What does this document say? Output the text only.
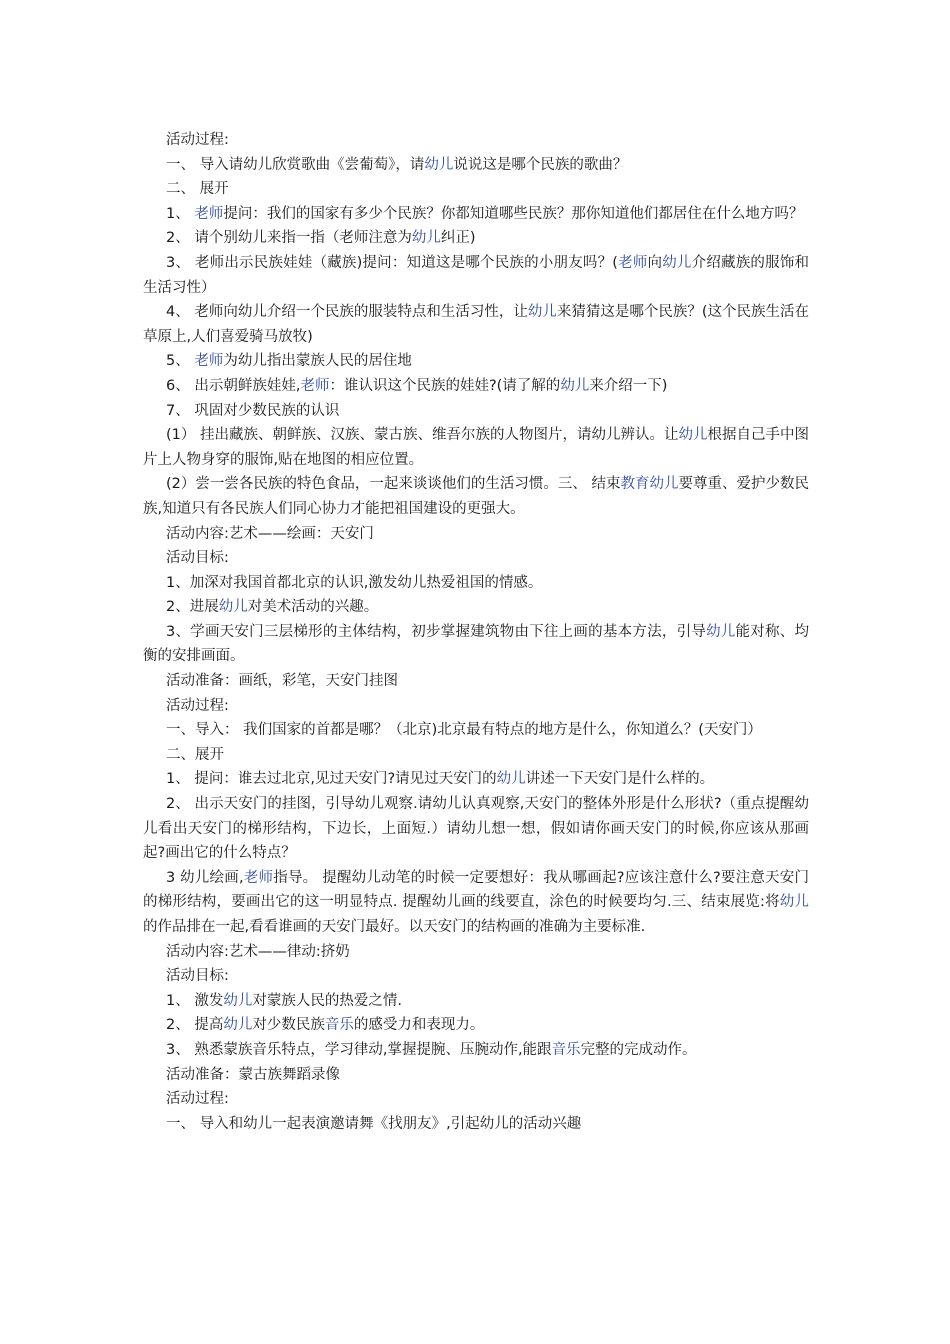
活动过程:

一、 导入请幼儿欣赏歌曲《尝葡萄》，请幼儿说说这是哪个民族的歌曲？

二、 展开

1、 老师提问：我们的国家有多少个民族？你都知道哪些民族？那你知道他们都居住在什么地方吗？

2、 请个别幼儿来指一指（老师注意为幼儿纠正)

3、 老师出示民族娃娃（藏族)提问：知道这是哪个民族的小朋友吗？(老师向幼儿介绍藏族的服饰和生活习性）

4、 老师向幼儿介绍一个民族的服装特点和生活习性，让幼儿来猜猜这是哪个民族？(这个民族生活在草原上,人们喜爱骑马放牧)

5、 老师为幼儿指出蒙族人民的居住地

6、 出示朝鲜族娃娃,老师：谁认识这个民族的娃娃?(请了解的幼儿来介绍一下)

7、 巩固对少数民族的认识

(1） 挂出藏族、朝鲜族、汉族、蒙古族、维吾尔族的人物图片，请幼儿辨认。让幼儿根据自己手中图片上人物身穿的服饰,贴在地图的相应位置。

(2）尝一尝各民族的特色食品，一起来谈谈他们的生活习惯。三、 结束教育幼儿要尊重、爱护少数民族,知道只有各民族人们同心协力才能把祖国建设的更强大。

活动内容:艺术——绘画：天安门

活动目标:

1、加深对我国首都北京的认识,激发幼儿热爱祖国的情感。

2、进展幼儿对美术活动的兴趣。

3、学画天安门三层梯形的主体结构，初步掌握建筑物由下往上画的基本方法，引导幼儿能对称、均衡的安排画面。

活动准备：画纸，彩笔，天安门挂图

活动过程:

一、导入： 我们国家的首都是哪？（北京)北京最有特点的地方是什么，你知道么？(天安门）

二、展开

1、 提问：谁去过北京,见过天安门?请见过天安门的幼儿讲述一下天安门是什么样的。

2、 出示天安门的挂图，引导幼儿观察.请幼儿认真观察,天安门的整体外形是什么形状?（重点提醒幼儿看出天安门的梯形结构，下边长，上面短.）请幼儿想一想，假如请你画天安门的时候,你应该从那画起?画出它的什么特点？

3 幼儿绘画,老师指导。 提醒幼儿动笔的时候一定要想好：我从哪画起?应该注意什么?要注意天安门的梯形结构，要画出它的这一明显特点. 提醒幼儿画的线要直，涂色的时候要均匀.三、结束展览:将幼儿的作品排在一起,看看谁画的天安门最好。以天安门的结构画的准确为主要标准.

活动内容:艺术——律动:挤奶

活动目标:

1、 激发幼儿对蒙族人民的热爱之情.

2、 提高幼儿对少数民族音乐的感受力和表现力。

3、 熟悉蒙族音乐特点，学习律动,掌握提腕、压腕动作,能跟音乐完整的完成动作。

活动准备：蒙古族舞蹈录像

活动过程:

一、 导入和幼儿一起表演邀请舞《找朋友》,引起幼儿的活动兴趣
